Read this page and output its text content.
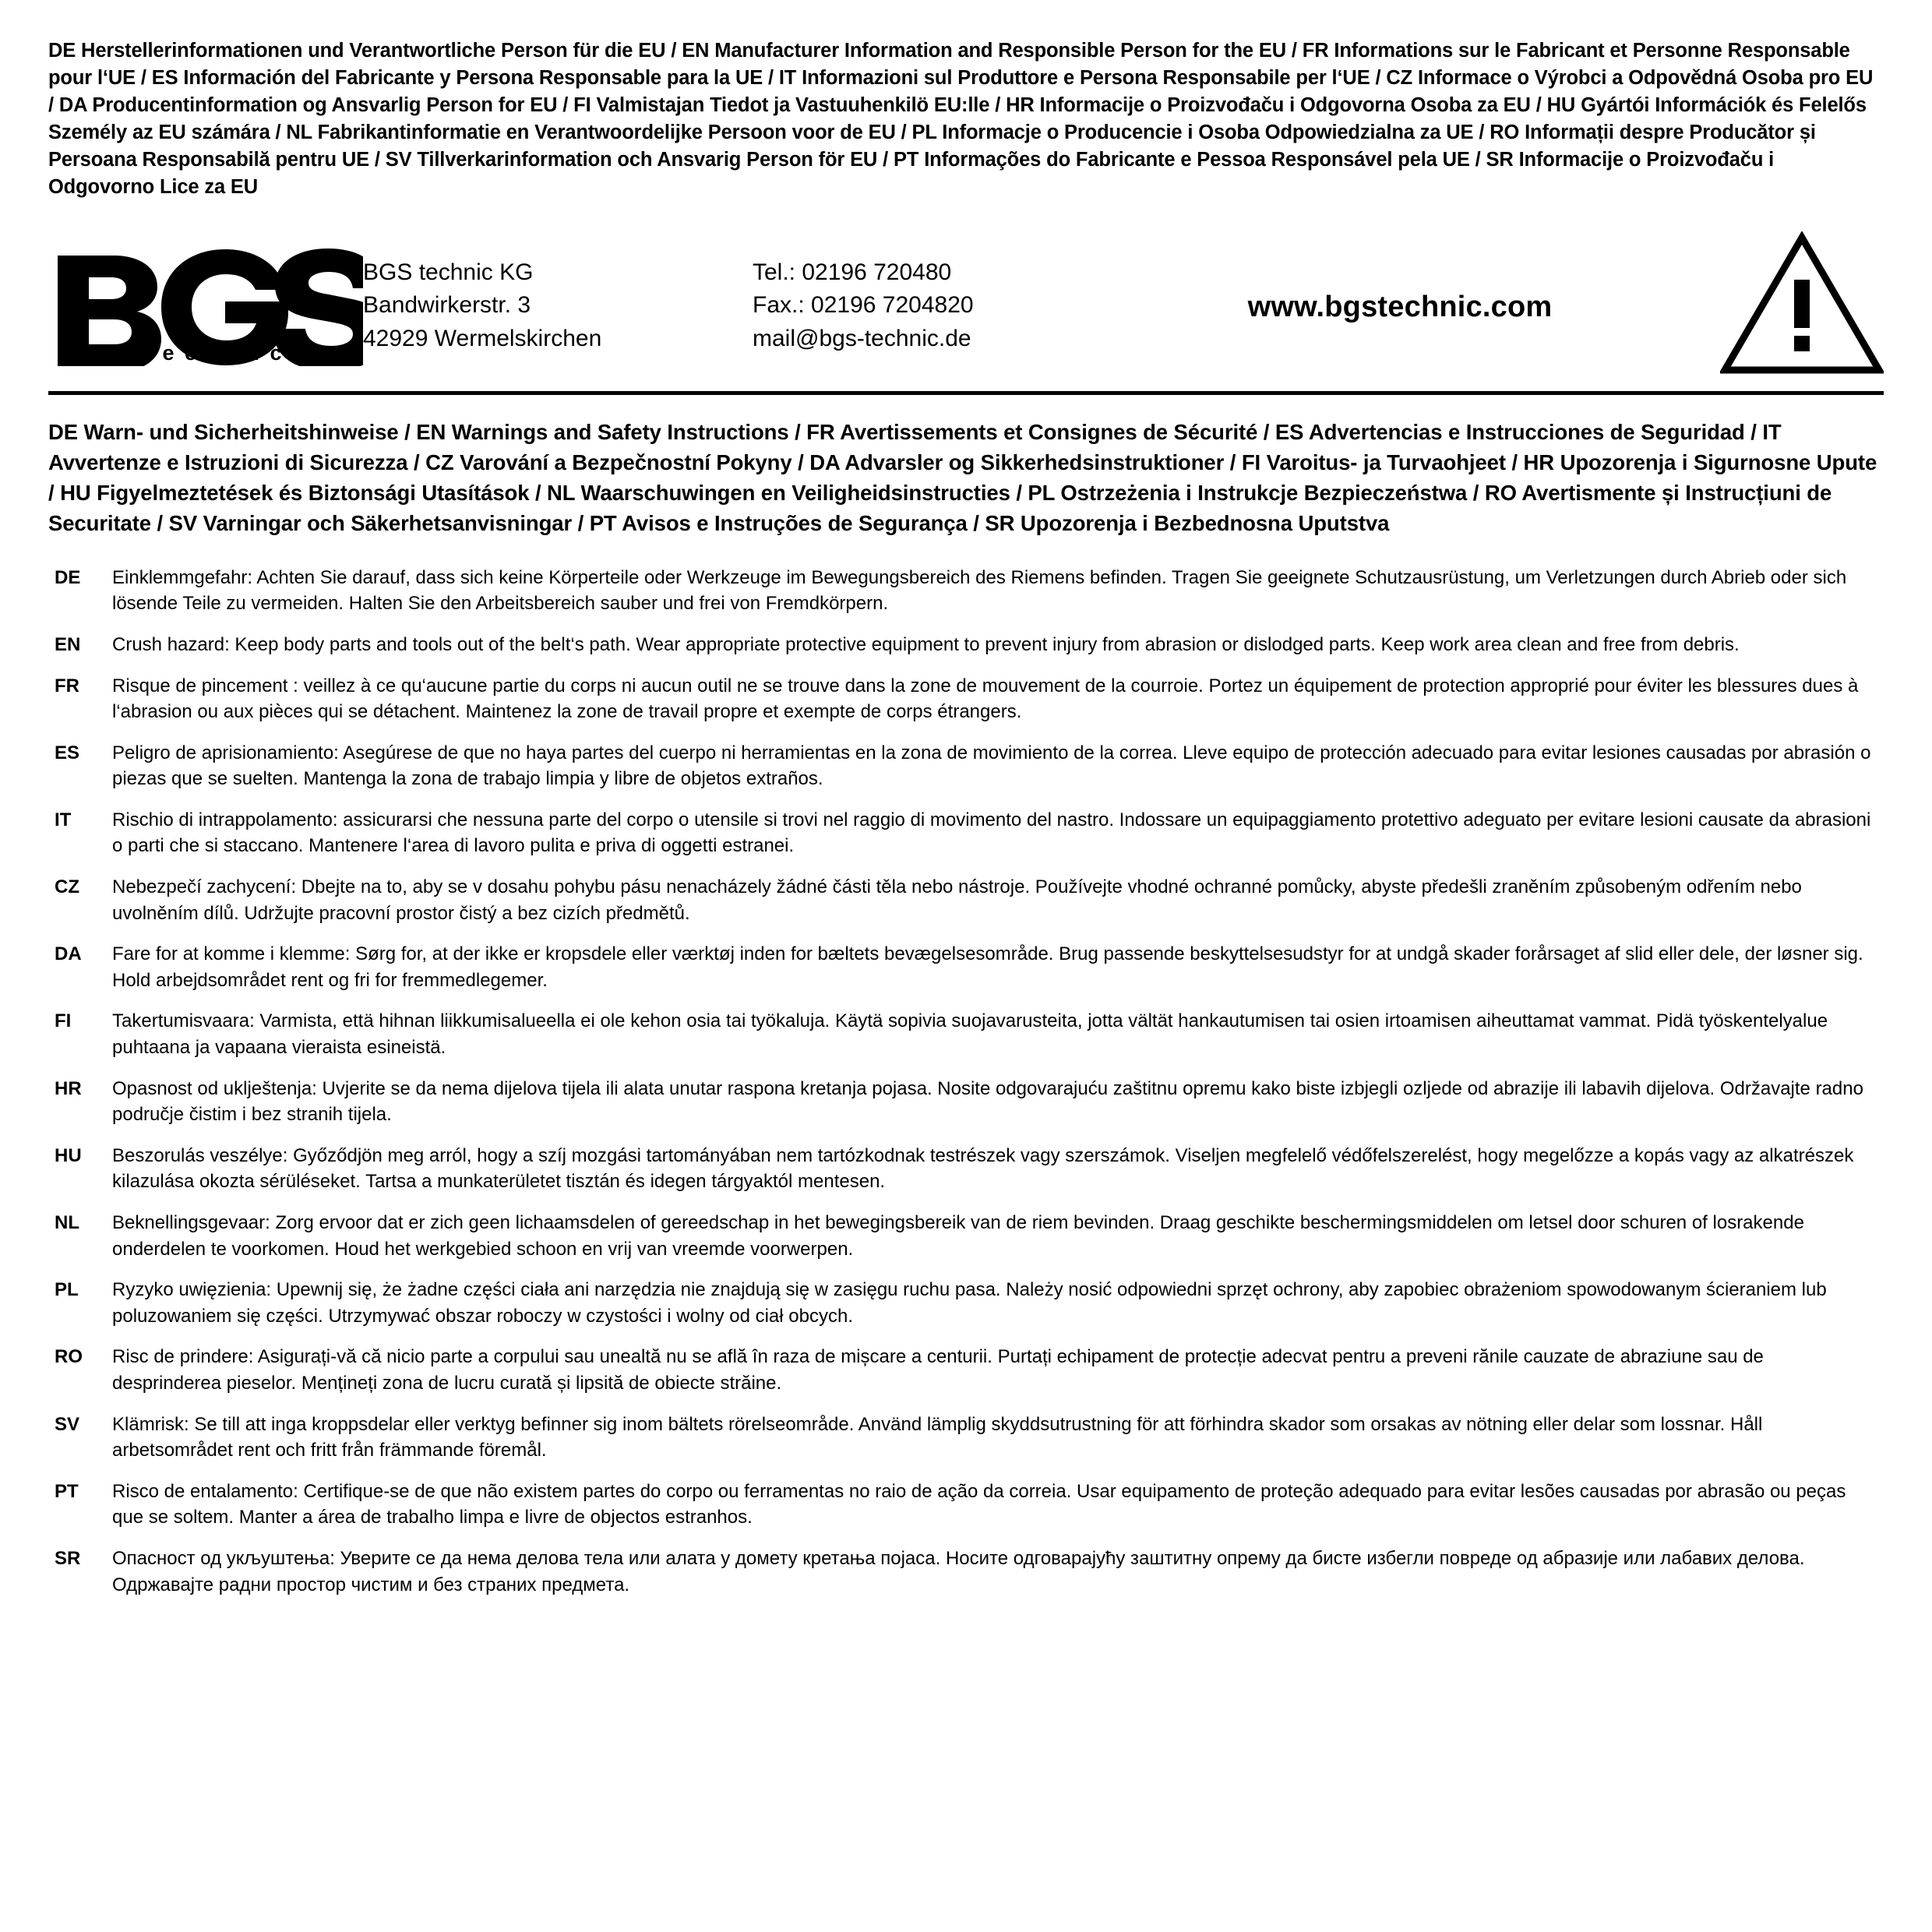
DE Herstellerinformationen und Verantwortliche Person für die EU / EN Manufacturer Information and Responsible Person for the EU / FR Informations sur le Fabricant et Personne Responsable pour l‘UE / ES Información del Fabricante y Persona Responsable para la UE / IT Informazioni sul Produttore e Persona Responsabile per l‘UE / CZ Informace o Výrobci a Odpovědná Osoba pro EU / DA Producentinformation og Ansvarlig Person for EU / FI Valmistajan Tiedot ja Vastuuhenkilö EU:lle / HR Informacije o Proizvođaču i Odgovorna Osoba za EU / HU Gyártói Információk és Felelős Személy az EU számára / NL Fabrikantinformatie en Verantwoordelijke Persoon voor de EU / PL Informacje o Producencie i Osoba Odpowiedzialna za UE / RO Informații despre Producător și Persoana Responsabilă pentru UE / SV Tillverkarinformation och Ansvarig Person för EU / PT Informações do Fabricante e Pessoa Responsável pela UE / SR Informacije o Proizvođaču i Odgovorno Lice za EU
®
t e c h n i c
BGS technic KG
Bandwirkerstr. 3
42929 Wermelskirchen
Tel.: 02196 720480
Fax.: 02196 7204820
mail@bgs-technic.de
www.bgstechnic.com
DE Warn- und Sicherheitshinweise / EN Warnings and Safety Instructions / FR Avertissements et Consignes de Sécurité / ES Advertencias e Instrucciones de Seguridad / IT Avvertenze e Istruzioni di Sicurezza / CZ Varování a Bezpečnostní Pokyny / DA Advarsler og Sikkerhedsinstruktioner / FI Varoitus- ja Turvaohjeet / HR Upozorenja i Sigurnosne Upute / HU Figyelmeztetések és Biztonsági Utasítások / NL Waarschuwingen en Veiligheidsinstructies / PL Ostrzeżenia i Instrukcje Bezpieczeństwa / RO Avertismente și Instrucțiuni de Securitate / SV Varningar och Säkerhetsanvisningar / PT Avisos e Instruções de Segurança / SR Upozorenja i Bezbednosna Uputstva
DE	Einklemmgefahr: Achten Sie darauf, dass sich keine Körperteile oder Werkzeuge im Bewegungsbereich des Riemens befinden. Tragen Sie geeignete Schutzausrüstung, um Verletzungen durch Abrieb oder sich lösende Teile zu vermeiden. Halten Sie den Arbeitsbereich sauber und frei von Fremdkörpern.
EN	Crush hazard: Keep body parts and tools out of the belt‘s path. Wear appropriate protective equipment to prevent injury from abrasion or dislodged parts. Keep work area clean and free from debris.
FR	Risque de pincement : veillez à ce qu‘aucune partie du corps ni aucun outil ne se trouve dans la zone de mouvement de la courroie. Portez un équipement de protection approprié pour éviter les blessures dues à l‘abrasion ou aux pièces qui se détachent. Maintenez la zone de travail propre et exempte de corps étrangers.
ES	Peligro de aprisionamiento: Asegúrese de que no haya partes del cuerpo ni herramientas en la zona de movimiento de la correa. Lleve equipo de protección adecuado para evitar lesiones causadas por abrasión o piezas que se suelten. Mantenga la zona de trabajo limpia y libre de objetos extraños.
IT	Rischio di intrappolamento: assicurarsi che nessuna parte del corpo o utensile si trovi nel raggio di movimento del nastro. Indossare un equipaggiamento protettivo adeguato per evitare lesioni causate da abrasioni o parti che si staccano. Mantenere l‘area di lavoro pulita e priva di oggetti estranei.
CZ	Nebezpečí zachycení: Dbejte na to, aby se v dosahu pohybu pásu nenacházely žádné části těla nebo nástroje. Používejte vhodné ochranné pomůcky, abyste předešli zraněním způsobeným odřením nebo uvolněním dílů. Udržujte pracovní prostor čistý a bez cizích předmětů.
DA	Fare for at komme i klemme: Sørg for, at der ikke er kropsdele eller værktøj inden for bæltets bevægelsesområde. Brug passende beskyttelsesudstyr for at undgå skader forårsaget af slid eller dele, der løsner sig. Hold arbejdsområdet rent og fri for fremmedlegemer.
FI	Takertumisvaara: Varmista, että hihnan liikkumisalueella ei ole kehon osia tai työkaluja. Käytä sopivia suojavarusteita, jotta vältät hankautumisen tai osien irtoamisen aiheuttamat vammat. Pidä työskentelyalue puhtaana ja vapaana vieraista esineistä.
HR	Opasnost od uklještenja: Uvjerite se da nema dijelova tijela ili alata unutar raspona kretanja pojasa. Nosite odgovarajuću zaštitnu opremu kako biste izbjegli ozljede od abrazije ili labavih dijelova. Održavajte radno područje čistim i bez stranih tijela.
HU	Beszorulás veszélye: Győződjön meg arról, hogy a szíj mozgási tartományában nem tartózkodnak testrészek vagy szerszámok. Viseljen megfelelő védőfelszerelést, hogy megelőzze a kopás vagy az alkatrészek kilazulása okozta sérüléseket. Tartsa a munkaterületet tisztán és idegen tárgyaktól mentesen.
NL	Beknellingsgevaar: Zorg ervoor dat er zich geen lichaamsdelen of gereedschap in het bewegingsbereik van de riem bevinden. Draag geschikte beschermingsmiddelen om letsel door schuren of losrakende onderdelen te voorkomen. Houd het werkgebied schoon en vrij van vreemde voorwerpen.
PL	Ryzyko uwięzienia: Upewnij się, że żadne części ciała ani narzędzia nie znajdują się w zasięgu ruchu pasa. Należy nosić odpowiedni sprzęt ochrony, aby zapobiec obrażeniom spowodowanym ścieraniem lub poluzowaniem się części. Utrzymywać obszar roboczy w czystości i wolny od ciał obcych.
RO	Risc de prindere: Asigurați-vă că nicio parte a corpului sau unealtă nu se află în raza de mișcare a centurii. Purtați echipament de protecție adecvat pentru a preveni rănile cauzate de abraziune sau de desprinderea pieselor. Mențineți zona de lucru curată și lipsită de obiecte străine.
SV	Klämrisk: Se till att inga kroppsdelar eller verktyg befinner sig inom bältets rörelseområde. Använd lämplig skyddsutrustning för att förhindra skador som orsakas av nötning eller delar som lossnar. Håll arbetsområdet rent och fritt från främmande föremål.
PT	Risco de entalamento: Certifique-se de que não existem partes do corpo ou ferramentas no raio de ação da correia. Usar equipamento de proteção adequado para evitar lesões causadas por abrasão ou peças que se soltem. Manter a área de trabalho limpa e livre de objectos estranhos.
SR	Опасност од укљуштења: Уверите се да нема делова тела или алата у домету кретања појаса. Носите одговарајућу заштитну опрему да бисте избегли повреде од абразије или лабавих делова. Одржавајте радни простор чистим и без страних предмета.
